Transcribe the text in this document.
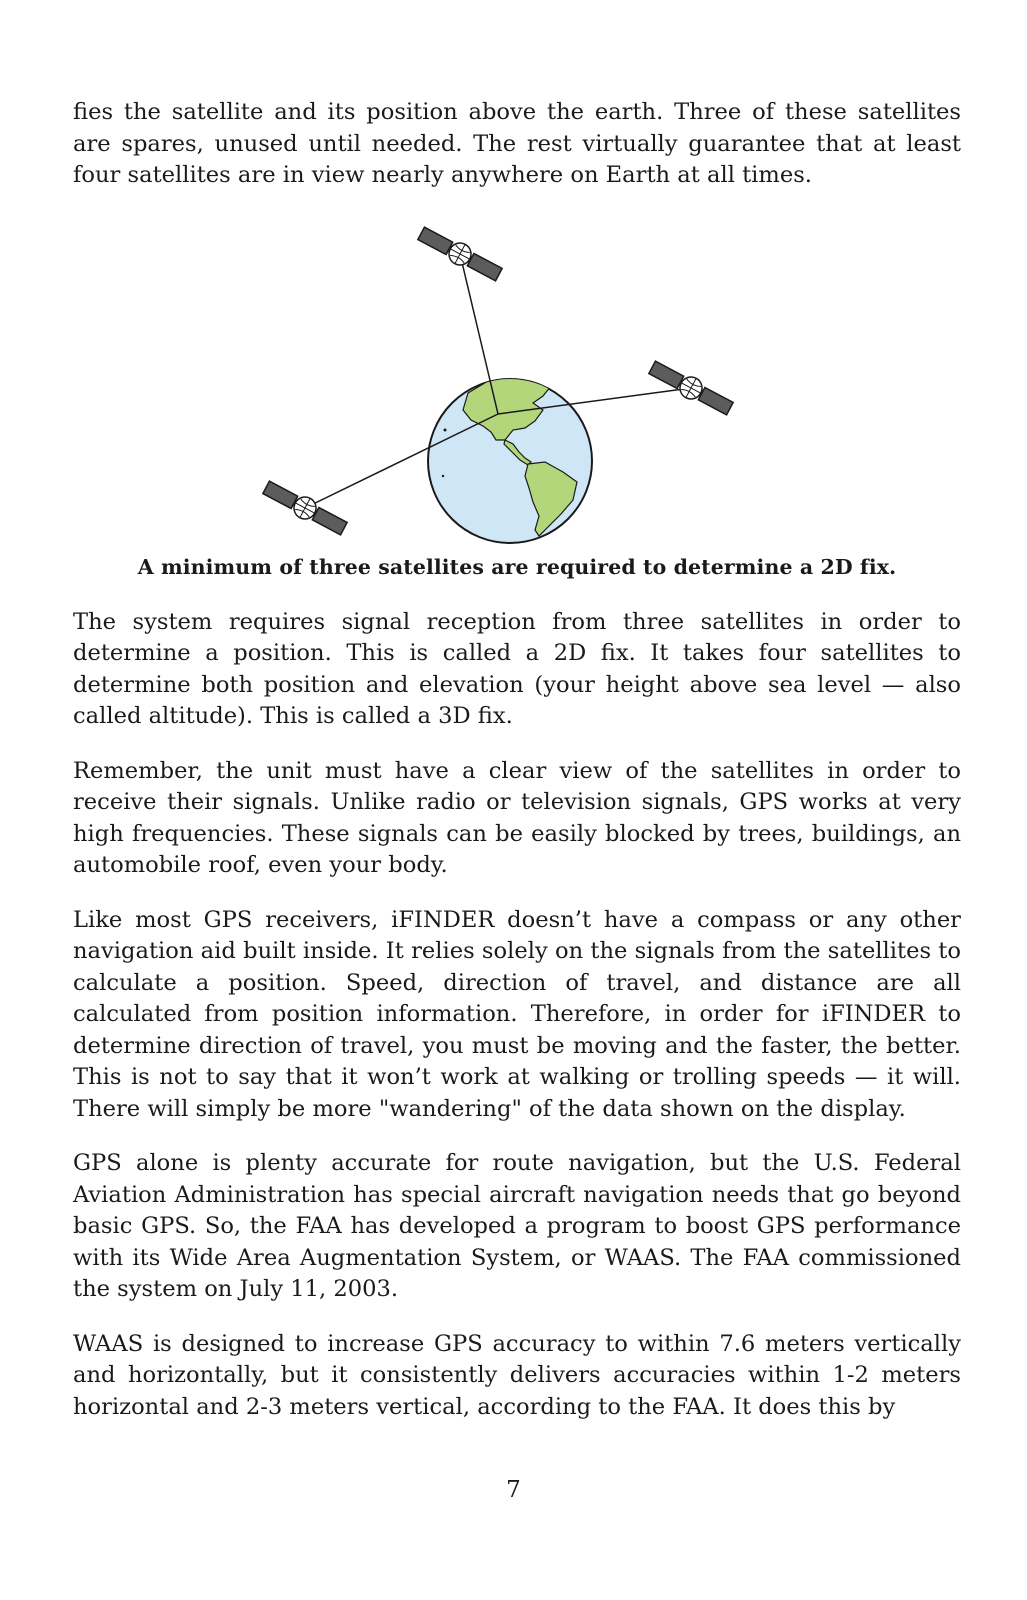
fies the satellite and its position above the earth. Three of these satellites are spares, unused until needed. The rest virtually guarantee that at least four satellites are in view nearly anywhere on Earth at all times.

A minimum of three satellites are required to determine a 2D fix.

The system requires signal reception from three satellites in order to determine a position. This is called a 2D fix. It takes four satellites to determine both position and elevation (your height above sea level — also called altitude). This is called a 3D fix.

Remember, the unit must have a clear view of the satellites in order to receive their signals. Unlike radio or television signals, GPS works at very high frequencies. These signals can be easily blocked by trees, buildings, an automobile roof, even your body.

Like most GPS receivers, iFINDER doesn’t have a compass or any other navigation aid built inside. It relies solely on the signals from the satellites to calculate a position. Speed, direction of travel, and distance are all calculated from position information. Therefore, in order for iFINDER to determine direction of travel, you must be moving and the faster, the better. This is not to say that it won’t work at walking or trolling speeds — it will. There will simply be more "wandering" of the data shown on the display.

GPS alone is plenty accurate for route navigation, but the U.S. Federal Aviation Administration has special aircraft navigation needs that go beyond basic GPS. So, the FAA has developed a program to boost GPS performance with its Wide Area Augmentation System, or WAAS. The FAA commissioned the system on July 11, 2003.

WAAS is designed to increase GPS accuracy to within 7.6 meters vertically and horizontally, but it consistently delivers accuracies within 1-2 meters horizontal and 2-3 meters vertical, according to the FAA. It does this by

7
